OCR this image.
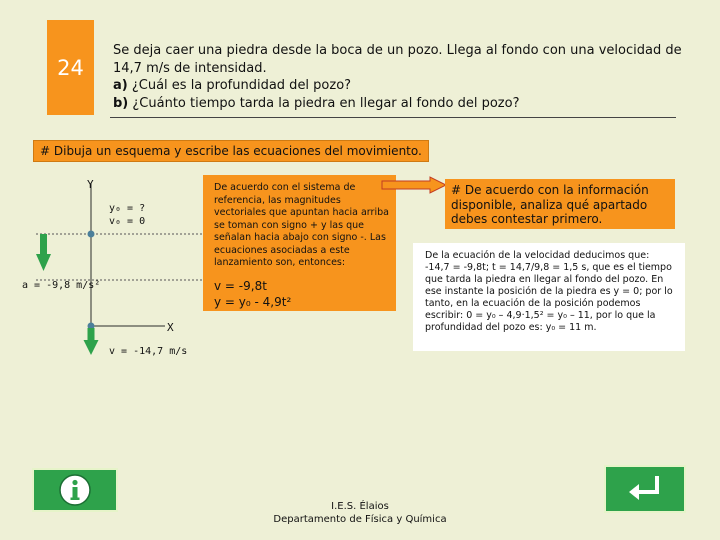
24
Se deja caer una piedra desde la boca de un pozo. Llega al fondo con una velocidad de 14,7 m/s de intensidad.
a) ¿Cuál es la profundidad del pozo?
b) ¿Cuánto tiempo tarda la piedra en llegar al fondo del pozo?
# Dibuja un esquema y escribe las ecuaciones del movimiento.
Y
X
y₀ = ?
v₀ = 0
a = -9,8 m/s²
v = -14,7 m/s
De acuerdo con el sistema de referencia, las magnitudes vectoriales que apuntan hacia arriba se toman con signo + y las que señalan hacia abajo con signo -. Las ecuaciones asociadas a este lanzamiento son, entonces:
v = -9,8t
y = y₀ - 4,9t²
# De acuerdo con la información disponible, analiza qué apartado debes contestar primero.
De la ecuación de la velocidad deducimos que: -14,7 = -9,8t; t = 14,7/9,8 = 1,5 s, que es el tiempo que tarda la piedra en llegar al fondo del pozo. En ese instante la posición de la piedra es y = 0; por lo tanto, en la ecuación de la posición podemos escribir: 0 = y₀ – 4,9·1,5² = y₀ – 11, por lo que la profundidad del pozo es: y₀ = 11 m.
I.E.S. Élaios
Departamento de Física y Química
